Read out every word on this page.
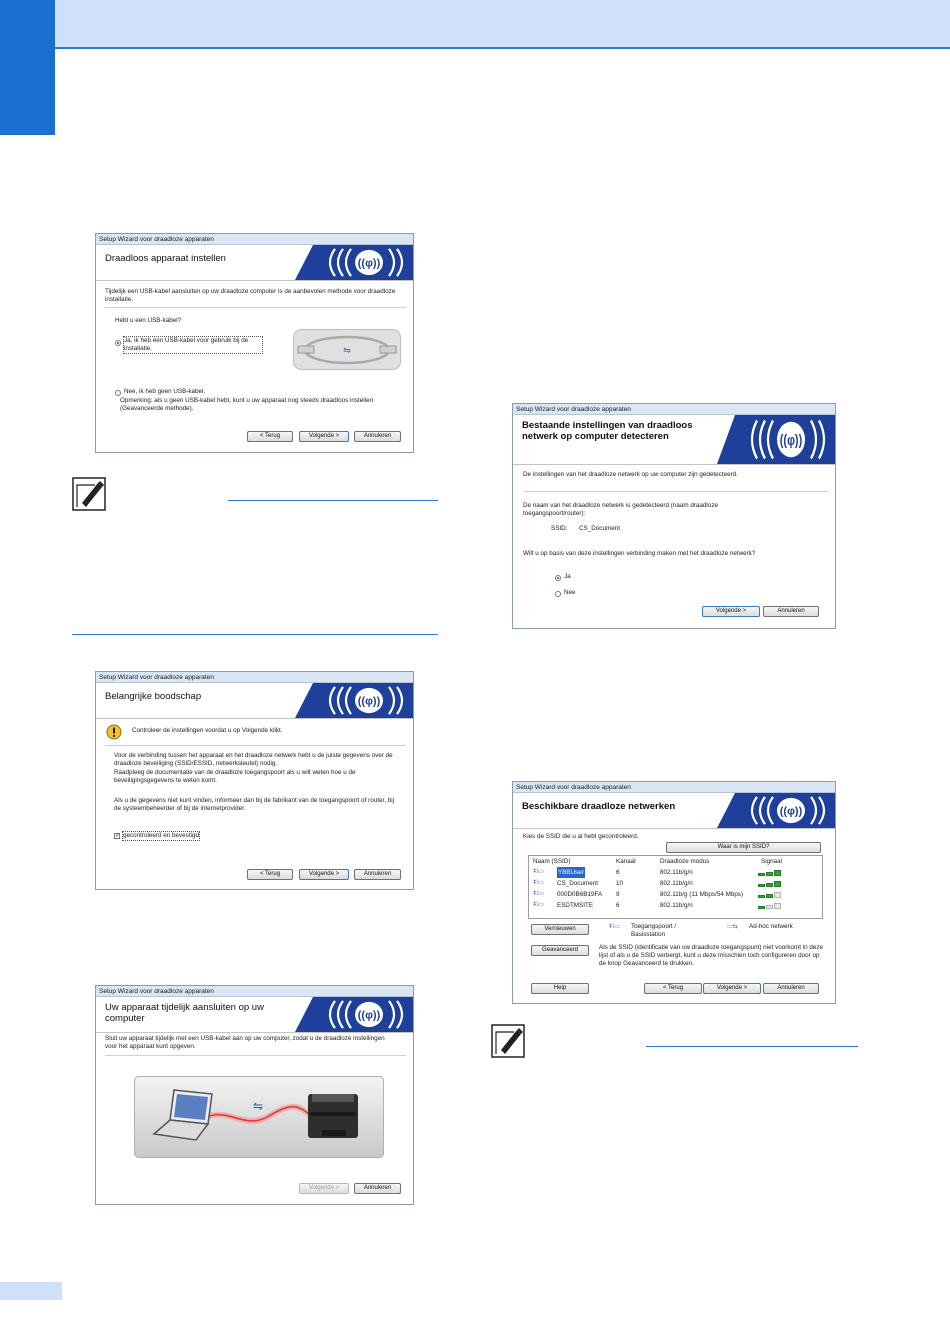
Setup Wizard voor draadloze apparaten
Draadloos apparaat instellen	((φ))
Tijdelijk een USB-kabel aansluiten op uw draadloze computer is de aanbevolen methode voor draadloze installatie.
Hebt u een USB-kabel?
Ja, ik heb een USB-kabel voor gebruik bij de installatie.	⇋
Nee, ik heb geen USB-kabel.
Opmerking: als u geen USB-kabel hebt, kunt u uw apparaat nog steeds draadloos instellen (Geavanceerde methode).
< Terug	Volgende >	Annuleren
Setup Wizard voor draadloze apparaten
Bestaande instellingen van draadloos netwerk op computer detecteren	((φ))
De instellingen van het draadloze netwerk op uw computer zijn gedetecteerd.
De naam van het draadloze netwerk is gedetecteerd (naam draadloze toegangspoort/router):
SSID: CS_Document
Wilt u op basis van deze instellingen verbinding maken met het draadloze netwerk?
Ja
Nee
Volgende >	Annuleren
Setup Wizard voor draadloze apparaten
Belangrijke boodschap	((φ))
Controleer de instellingen voordat u op Volgende klikt.
Voor de verbinding tussen het apparaat en het draadloze netwerk hebt u de juiste gegevens over de draadloze beveiliging (SSID/ESSID, netwerksleutel) nodig.
Raadpleeg de documentatie van de draadloze toegangspoort als u wilt weten hoe u de beveiligingsgegevens te weten komt.
Als u de gegevens niet kunt vinden, informeer dan bij de fabrikant van de toegangspoort of router, bij de systeembeheerder of bij de internetprovider.
✓ gecontroleerd en bevestigd
< Terug	Volgende >	Annuleren
Setup Wizard voor draadloze apparaten
Beschikbare draadloze netwerken	((φ))
Kies de SSID die u al hebt gecontroleerd.
Waar is mijn SSID?
Naam (SSID)	Kanaal	Draadloze modus	Signaal
ǂ⁞▭ YBBUser	6	802.11b/g/n
ǂ⁞▭ CS_Document	10	802.11b/g/n
ǂ⁞▭ 000D0B6B19FA 9	802.11b/g (11 Mbps/54 Mbps)
ǂ⁞▭ ESDTMSITE	6	802.11b/g/n
Vernieuwen	ǂ⁞▭ Toegangspoort / Basisstation
▭⇆ Ad-hoc netwerk
Geavanceerd	Als de SSID (identificatie van uw draadloze toegangspunt) niet voorkomt in deze lijst of als u de SSID verbergt, kunt u deze misschien toch configureren door op de knop Geavanceerd te drukken.
Help	< Terug	Volgende >	Annuleren
Setup Wizard voor draadloze apparaten
Uw apparaat tijdelijk aansluiten op uw computer	((φ))
Sluit uw apparaat tijdelijk met een USB-kabel aan op uw computer, zodat u de draadloze instellingen voor het apparaat kunt opgeven.
⇋
Volgende >	Annuleren
